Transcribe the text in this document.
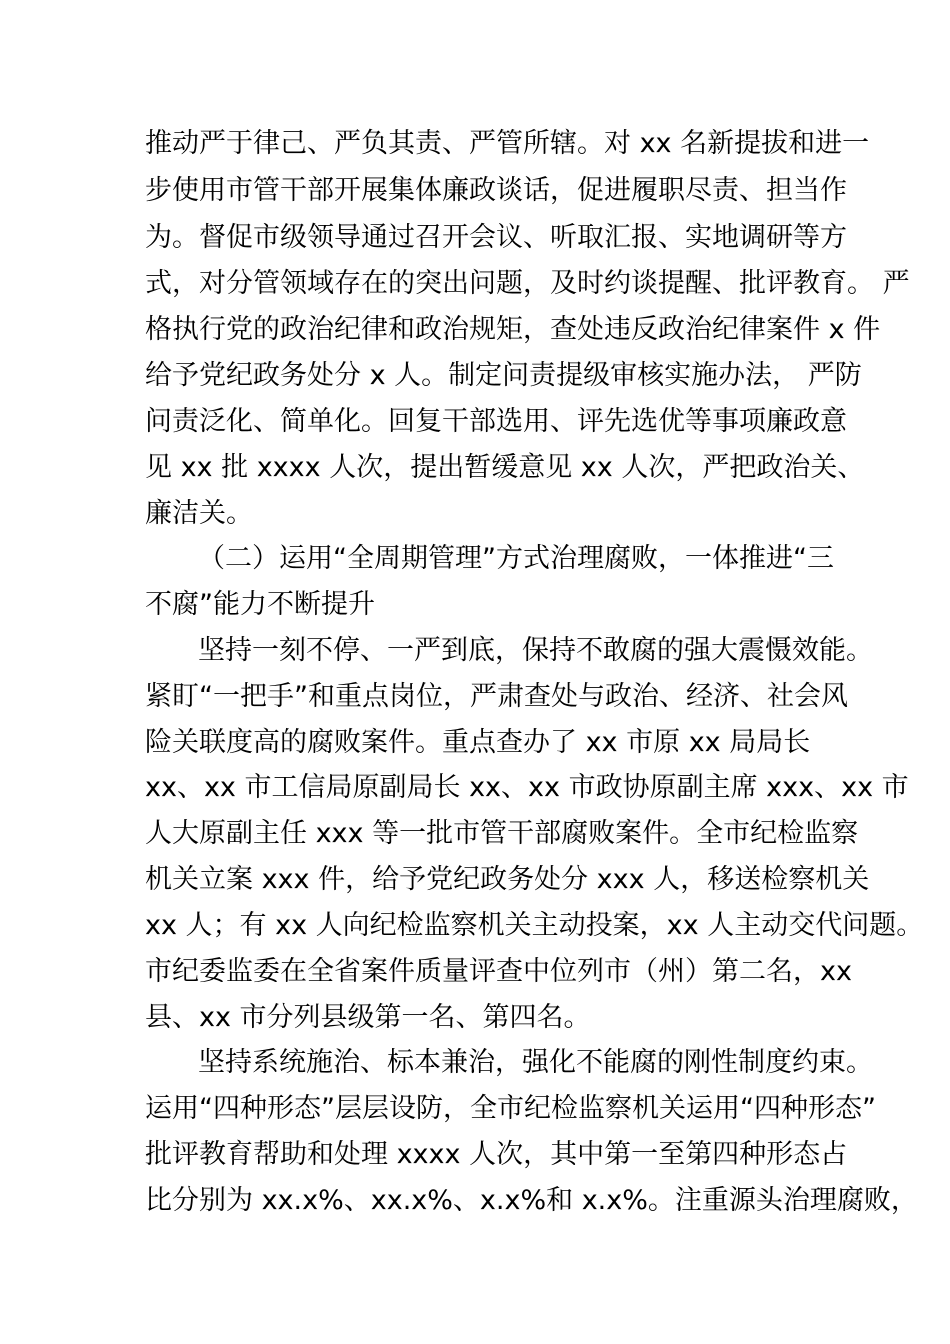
推动严于律己、严负其责、严管所辖。对 xx 名新提拔和进一
步使用市管干部开展集体廉政谈话，促进履职尽责、担当作
为。督促市级领导通过召开会议、听取汇报、实地调研等方
式，对分管领域存在的突出问题，及时约谈提醒、批评教育。 严
格执行党的政治纪律和政治规矩，查处违反政治纪律案件 x 件
给予党纪政务处分 x 人。制定问责提级审核实施办法， 严防
问责泛化、简单化。回复干部选用、评先选优等事项廉政意
见 xx 批 xxxx 人次，提出暂缓意见 xx 人次，严把政治关、
廉洁关。
（二）运用“全周期管理”方式治理腐败，一体推进“三
不腐”能力不断提升
坚持一刻不停、一严到底，保持不敢腐的强大震慑效能。
紧盯“一把手”和重点岗位，严肃查处与政治、经济、社会风
险关联度高的腐败案件。重点查办了 xx 市原 xx 局局长
xx、xx 市工信局原副局长 xx、xx 市政协原副主席 xxx、xx 市
人大原副主任 xxx 等一批市管干部腐败案件。全市纪检监察
机关立案 xxx 件，给予党纪政务处分 xxx 人，移送检察机关
xx 人；有 xx 人向纪检监察机关主动投案，xx 人主动交代问题。
市纪委监委在全省案件质量评查中位列市（州）第二名，xx
县、xx 市分列县级第一名、第四名。
坚持系统施治、标本兼治，强化不能腐的刚性制度约束。
运用“四种形态”层层设防，全市纪检监察机关运用“四种形态”
批评教育帮助和处理 xxxx 人次，其中第一至第四种形态占
比分别为 xx.x%、xx.x%、x.x%和 x.x%。注重源头治理腐败，
